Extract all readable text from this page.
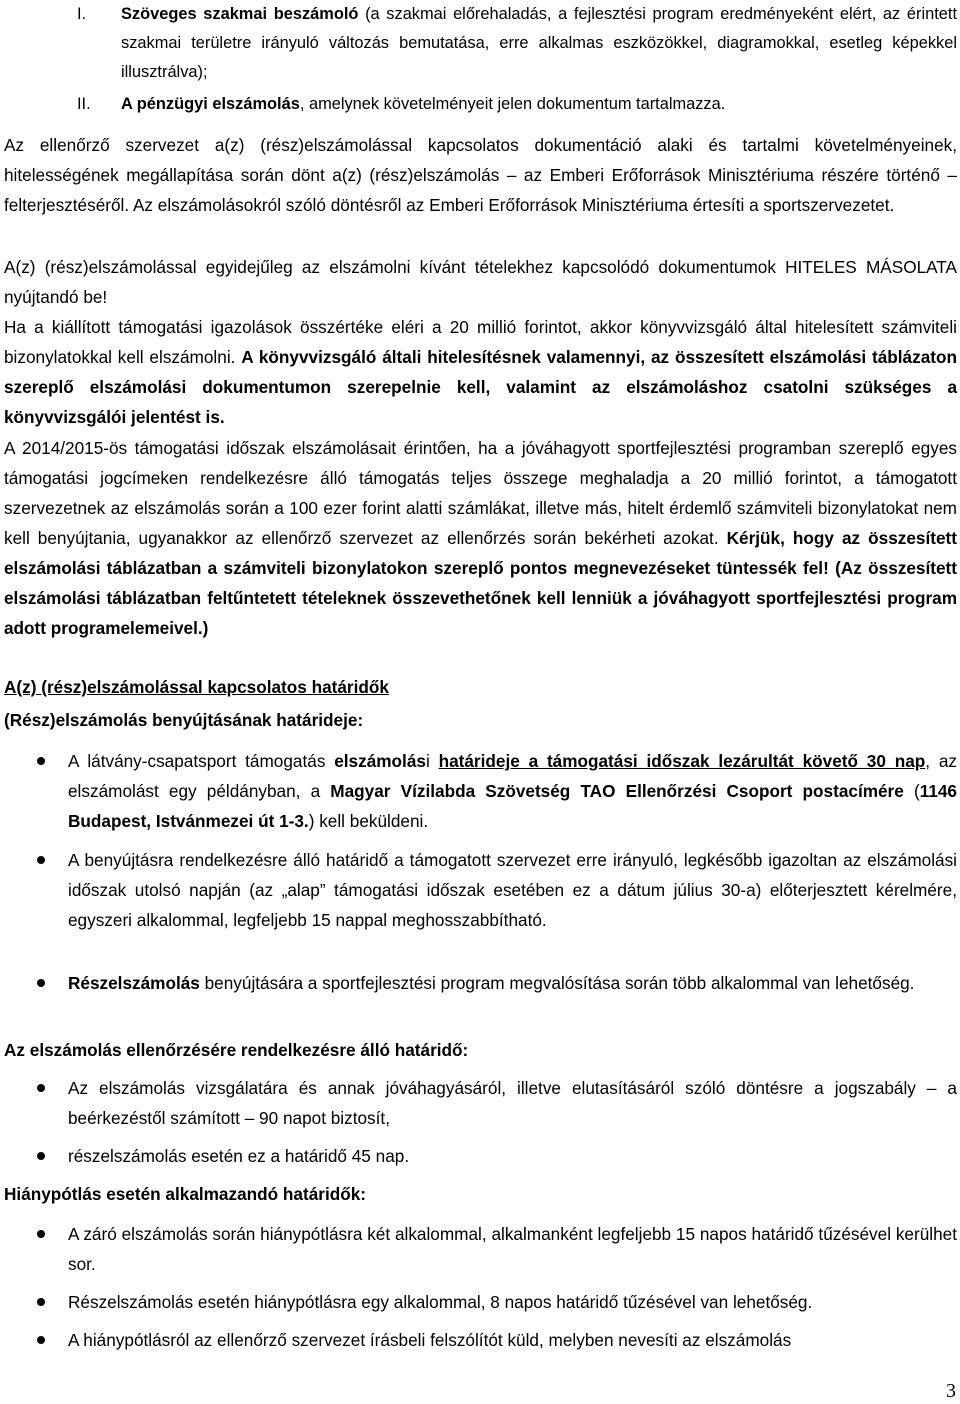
I. Szöveges szakmai beszámoló (a szakmai előrehaladás, a fejlesztési program eredményeként elért, az érintett szakmai területre irányuló változás bemutatása, erre alkalmas eszközökkel, diagramokkal, esetleg képekkel illusztrálva);
II. A pénzügyi elszámolás, amelynek követelményeit jelen dokumentum tartalmazza.

Az ellenőrző szervezet a(z) (rész)elszámolással kapcsolatos dokumentáció alaki és tartalmi követelményeinek, hitelességének megállapítása során dönt a(z) (rész)elszámolás – az Emberi Erőforrások Minisztériuma részére történő – felterjesztéséről. Az elszámolásokról szóló döntésről az Emberi Erőforrások Minisztériuma értesíti a sportszervezetet.

A(z) (rész)elszámolással egyidejűleg az elszámolni kívánt tételekhez kapcsolódó dokumentumok HITELES MÁSOLATA nyújtandó be!

Ha a kiállított támogatási igazolások összértéke eléri a 20 millió forintot, akkor könyvvizsgáló által hitelesített számviteli bizonylatokkal kell elszámolni. A könyvvizsgáló általi hitelesítésnek valamennyi, az összesített elszámolási táblázaton szereplő elszámolási dokumentumon szerepelnie kell, valamint az elszámoláshoz csatolni szükséges a könyvvizsgálói jelentést is.

A 2014/2015-ös támogatási időszak elszámolásait érintően, ha a jóváhagyott sportfejlesztési programban szereplő egyes támogatási jogcímeken rendelkezésre álló támogatás teljes összege meghaladja a 20 millió forintot, a támogatott szervezetnek az elszámolás során a 100 ezer forint alatti számlákat, illetve más, hitelt érdemlő számviteli bizonylatokat nem kell benyújtania, ugyanakkor az ellenőrző szervezet az ellenőrzés során bekérheti azokat. Kérjük, hogy az összesített elszámolási táblázatban a számviteli bizonylatokon szereplő pontos megnevezéseket tüntessék fel! (Az összesített elszámolási táblázatban feltűntetett tételeknek összevethetőnek kell lenniük a jóváhagyott sportfejlesztési program adott programelemeivel.)

A(z) (rész)elszámolással kapcsolatos határidők
(Rész)elszámolás benyújtásának határideje:

A látvány-csapatsport támogatás elszámolási határideje a támogatási időszak lezárultát követő 30 nap, az elszámolást egy példányban, a Magyar Vízilabda Szövetség TAO Ellenőrzési Csoport postacímére (1146 Budapest, Istvánmezei út 1-3.) kell beküldeni.

A benyújtásra rendelkezésre álló határidő a támogatott szervezet erre irányuló, legkésőbb igazoltan az elszámolási időszak utolsó napján (az „alap” támogatási időszak esetében ez a dátum július 30-a) előterjesztett kérelmére, egyszeri alkalommal, legfeljebb 15 nappal meghosszabbítható.

Részelszámolás benyújtására a sportfejlesztési program megvalósítása során több alkalommal van lehetőség.

Az elszámolás ellenőrzésére rendelkezésre álló határidő:

Az elszámolás vizsgálatára és annak jóváhagyásáról, illetve elutasításáról szóló döntésre a jogszabály – a beérkezéstől számított – 90 napot biztosít,

részelszámolás esetén ez a határidő 45 nap.

Hiánypótlás esetén alkalmazandó határidők:

A záró elszámolás során hiánypótlásra két alkalommal, alkalmanként legfeljebb 15 napos határidő tűzésével kerülhet sor.

Részelszámolás esetén hiánypótlásra egy alkalommal, 8 napos határidő tűzésével van lehetőség.

A hiánypótlásról az ellenőrző szervezet írásbeli felszólítót küld, melyben nevesíti az elszámolás

3
